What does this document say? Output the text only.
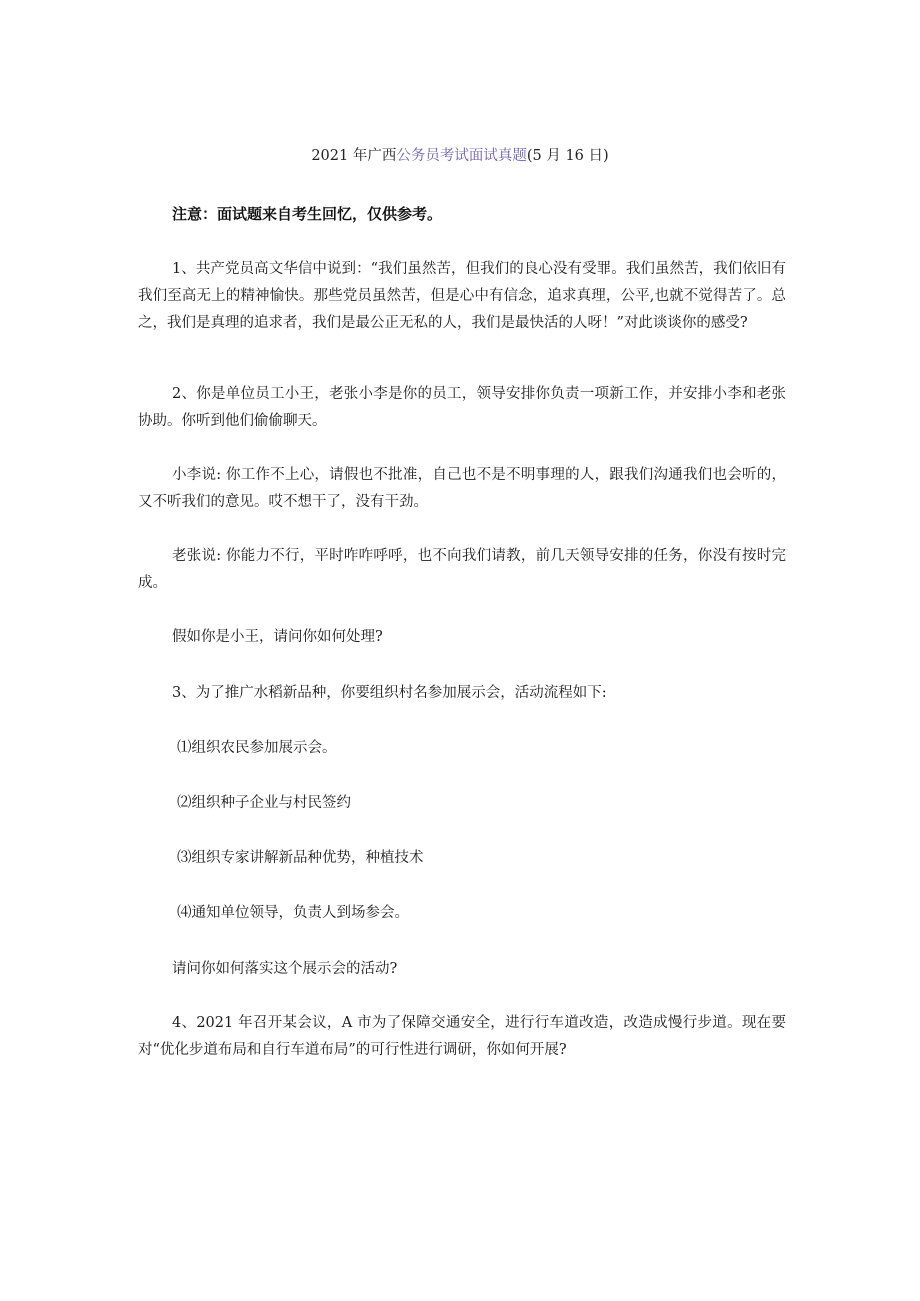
2021 年广西公务员考试面试真题(5 月 16 日)
注意：面试题来自考生回忆，仅供参考。

1、共产党员高文华信中说到：“我们虽然苦，但我们的良心没有受罪。我们虽然苦，我们依旧有我们至高无上的精神愉快。那些党员虽然苦，但是心中有信念，追求真理，公平,也就不觉得苦了。总之，我们是真理的追求者，我们是最公正无私的人，我们是最快活的人呀！”对此谈谈你的感受?

2、你是单位员工小王，老张小李是你的员工，领导安排你负责一项新工作，并安排小李和老张协助。你听到他们偷偷聊天。

小李说: 你工作不上心，请假也不批准，自己也不是不明事理的人，跟我们沟通我们也会听的，又不听我们的意见。哎不想干了，没有干劲。

老张说: 你能力不行，平时咋咋呼呼，也不向我们请教，前几天领导安排的任务，你没有按时完成。

假如你是小王，请问你如何处理?

3、为了推广水稻新品种，你要组织村名参加展示会，活动流程如下:

⑴组织农民参加展示会。

⑵组织种子企业与村民签约

⑶组织专家讲解新品种优势，种植技术

⑷通知单位领导，负责人到场参会。

请问你如何落实这个展示会的活动?

4、2021 年召开某会议，A 市为了保障交通安全，进行行车道改造，改造成慢行步道。现在要对“优化步道布局和自行车道布局”的可行性进行调研，你如何开展?
